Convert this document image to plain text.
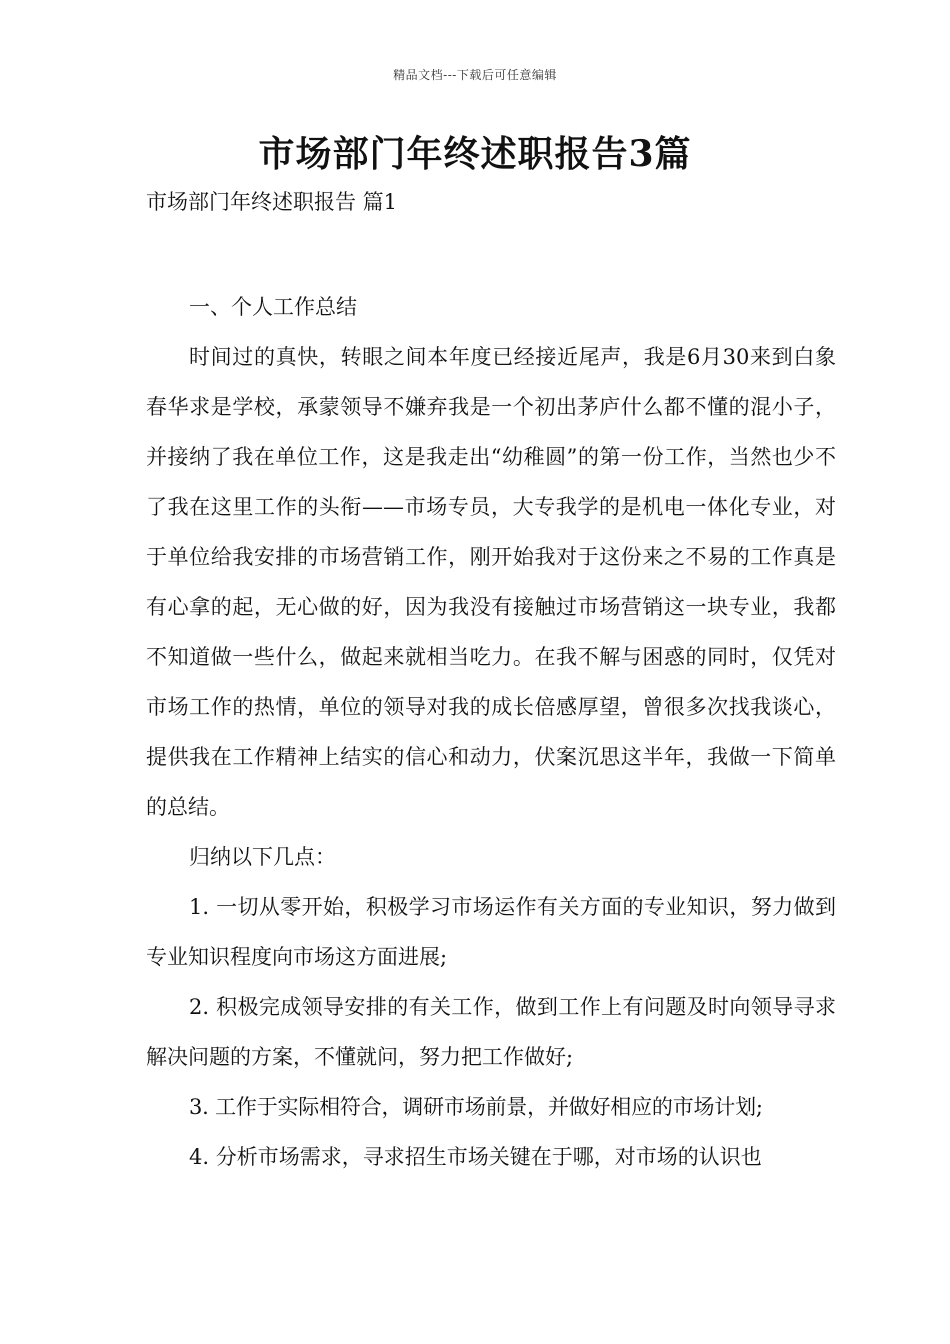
精品文档---下载后可任意编辑
市场部门年终述职报告3篇

市场部门年终述职报告 篇1

一、个人工作总结

时间过的真快，转眼之间本年度已经接近尾声，我是6月30来到白象春华求是学校，承蒙领导不嫌弃我是一个初出茅庐什么都不懂的混小子，并接纳了我在单位工作，这是我走出“幼稚圆”的第一份工作，当然也少不了我在这里工作的头衔——市场专员，大专我学的是机电一体化专业，对于单位给我安排的市场营销工作，刚开始我对于这份来之不易的工作真是有心拿的起，无心做的好，因为我没有接触过市场营销这一块专业，我都不知道做一些什么，做起来就相当吃力。在我不解与困惑的同时，仅凭对市场工作的热情，单位的领导对我的成长倍感厚望，曾很多次找我谈心，提供我在工作精神上结实的信心和动力，伏案沉思这半年，我做一下简单的总结。

归纳以下几点：

1. 一切从零开始，积极学习市场运作有关方面的专业知识，努力做到专业知识程度向市场这方面进展;

2. 积极完成领导安排的有关工作，做到工作上有问题及时向领导寻求解决问题的方案，不懂就问，努力把工作做好;

3. 工作于实际相符合，调研市场前景，并做好相应的市场计划;

4. 分析市场需求，寻求招生市场关键在于哪，对市场的认识也
